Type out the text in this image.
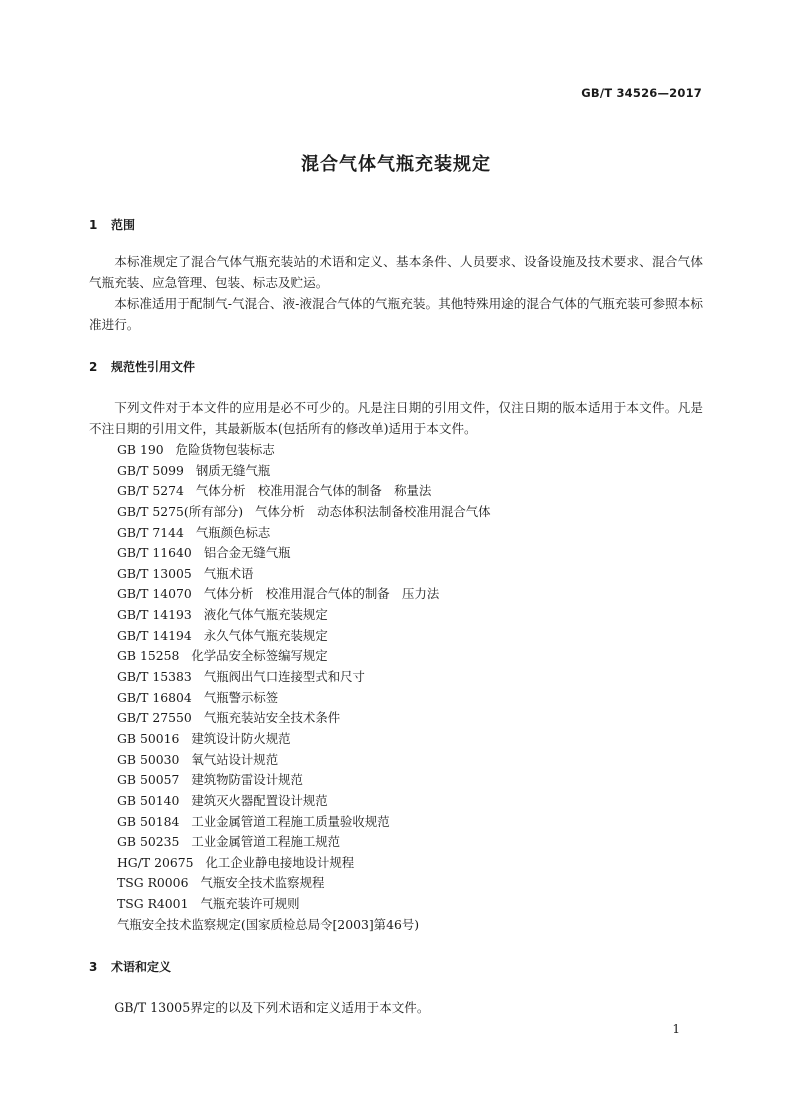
GB/T 34526—2017
混合气体气瓶充装规定
1 范围

本标准规定了混合气体气瓶充装站的术语和定义、基本条件、人员要求、设备设施及技术要求、混合气体气瓶充装、应急管理、包装、标志及贮运。

本标准适用于配制气-气混合、液-液混合气体的气瓶充装。其他特殊用途的混合气体的气瓶充装可参照本标准进行。

2 规范性引用文件

下列文件对于本文件的应用是必不可少的。凡是注日期的引用文件，仅注日期的版本适用于本文件。凡是不注日期的引用文件，其最新版本(包括所有的修改单)适用于本文件。

GB 190 危险货物包装标志
GB/T 5099 钢质无缝气瓶
GB/T 5274 气体分析　校准用混合气体的制备　称量法
GB/T 5275(所有部分) 气体分析　动态体积法制备校准用混合气体
GB/T 7144 气瓶颜色标志
GB/T 11640 铝合金无缝气瓶
GB/T 13005 气瓶术语
GB/T 14070 气体分析　校准用混合气体的制备　压力法
GB/T 14193 液化气体气瓶充装规定
GB/T 14194 永久气体气瓶充装规定
GB 15258 化学品安全标签编写规定
GB/T 15383 气瓶阀出气口连接型式和尺寸
GB/T 16804 气瓶警示标签
GB/T 27550 气瓶充装站安全技术条件
GB 50016 建筑设计防火规范
GB 50030 氧气站设计规范
GB 50057 建筑物防雷设计规范
GB 50140 建筑灭火器配置设计规范
GB 50184 工业金属管道工程施工质量验收规范
GB 50235 工业金属管道工程施工规范
HG/T 20675 化工企业静电接地设计规程
TSG R0006 气瓶安全技术监察规程
TSG R4001 气瓶充装许可规则
气瓶安全技术监察规定(国家质检总局令[2003]第46号)
3 术语和定义

GB/T 13005界定的以及下列术语和定义适用于本文件。

1
